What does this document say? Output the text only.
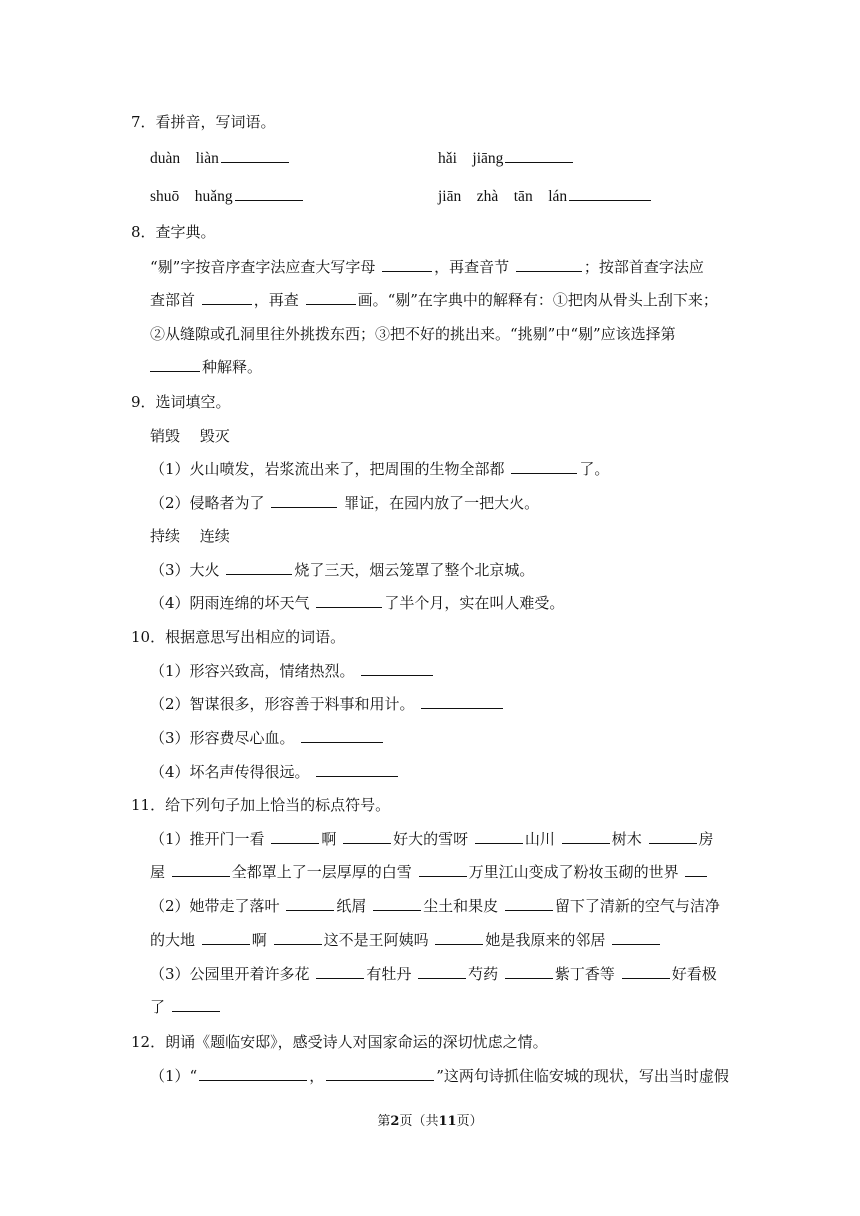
7．看拼音，写词语。
duàn　liàn	hǎi　jiāng
shuō　huǎng	jiān　zhà　tān　lán
8．查字典。
“剔”字按音序查字法应查大写字母	，再查音节	；按部首查字法应
查部首	，再查	画。“剔”在字典中的解释有：①把肉从骨头上刮下来；
②从缝隙或孔洞里往外挑拨东西；③把不好的挑出来。“挑剔”中“剔”应该选择第
种解释。
9．选词填空。
销毁　 毁灭
（1）火山喷发，岩浆流出来了，把周围的生物全部都	了。
（2）侵略者为了	罪证，在园内放了一把大火。
持续　 连续
（3）大火	烧了三天，烟云笼罩了整个北京城。
（4）阴雨连绵的坏天气	了半个月，实在叫人难受。
10．根据意思写出相应的词语。
（1）形容兴致高，情绪热烈。
（2）智谋很多，形容善于料事和用计。
（3）形容费尽心血。
（4）坏名声传得很远。
11．给下列句子加上恰当的标点符号。
（1）推开门一看	啊	好大的雪呀	山川	树木	房
屋	全都罩上了一层厚厚的白雪	万里江山变成了粉妆玉砌的世界
（2）她带走了落叶	纸屑	尘土和果皮	留下了清新的空气与洁净
的大地	啊	这不是王阿姨吗	她是我原来的邻居
（3）公园里开着许多花	有牡丹	芍药	紫丁香等	好看极
了
12．朗诵《题临安邸》，感受诗人对国家命运的深切忧虑之情。
（1）“	，	”这两句诗抓住临安城的现状，写出当时虚假
第2页（共11页）
